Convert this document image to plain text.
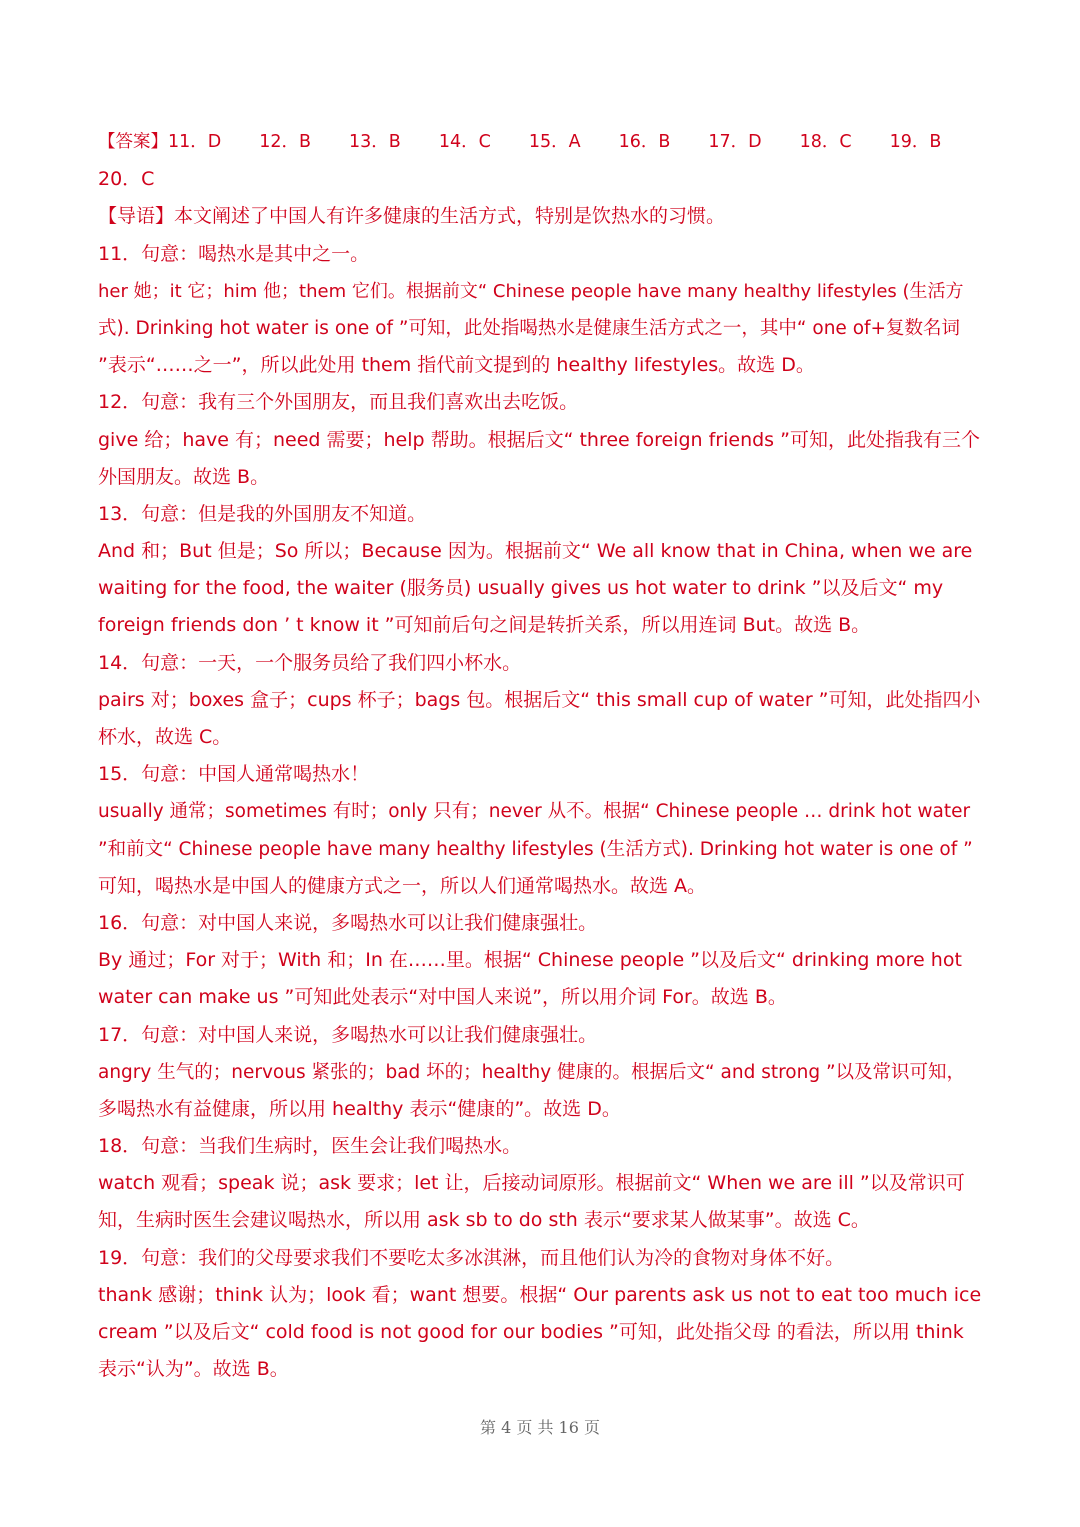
【答案】11．D 12．B 13．B 14．C 15．A 16．B 17．D 18．C 19．B
20．C
【导语】本文阐述了中国人有许多健康的生活方式，特别是饮热水的习惯。
11．句意：喝热水是其中之一。
her 她；it 它；him 他；them 它们。根据前文“ Chinese people have many healthy lifestyles (生活方
式). Drinking hot water is one of ”可知，此处指喝热水是健康生活方式之一，其中“ one of+复数名词
”表示“……之一”，所以此处用 them 指代前文提到的 healthy lifestyles。故选 D。
12．句意：我有三个外国朋友，而且我们喜欢出去吃饭。
give 给；have 有；need 需要；help 帮助。根据后文“ three foreign friends ”可知，此处指我有三个
外国朋友。故选 B。
13．句意：但是我的外国朋友不知道。
And 和；But 但是；So 所以；Because 因为。根据前文“ We all know that in China, when we are
waiting for the food, the waiter (服务员) usually gives us hot water to drink ”以及后文“ my
foreign friends don ’ t know it ”可知前后句之间是转折关系，所以用连词 But。故选 B。
14．句意：一天，一个服务员给了我们四小杯水。
pairs 对；boxes 盒子；cups 杯子；bags 包。根据后文“ this small cup of water ”可知，此处指四小
杯水，故选 C。
15．句意：中国人通常喝热水！
usually 通常；sometimes 有时；only 只有；never 从不。根据“ Chinese people … drink hot water
”和前文“ Chinese people have many healthy lifestyles (生活方式). Drinking hot water is one of ”
可知，喝热水是中国人的健康方式之一，所以人们通常喝热水。故选 A。
16．句意：对中国人来说，多喝热水可以让我们健康强壮。
By 通过；For 对于；With 和；In 在……里。根据“ Chinese people ”以及后文“ drinking more hot
water can make us ”可知此处表示“对中国人来说”，所以用介词 For。故选 B。
17．句意：对中国人来说，多喝热水可以让我们健康强壮。
angry 生气的；nervous 紧张的；bad 坏的；healthy 健康的。根据后文“ and strong ”以及常识可知，
多喝热水有益健康，所以用 healthy 表示“健康的”。故选 D。
18．句意：当我们生病时，医生会让我们喝热水。
watch 观看；speak 说；ask 要求；let 让，后接动词原形。根据前文“ When we are ill ”以及常识可
知，生病时医生会建议喝热水，所以用 ask sb to do sth 表示“要求某人做某事”。故选 C。
19．句意：我们的父母要求我们不要吃太多冰淇淋，而且他们认为冷的食物对身体不好。
thank 感谢；think 认为；look 看；want 想要。根据“ Our parents ask us not to eat too much ice
cream ”以及后文“ cold food is not good for our bodies ”可知，此处指父母 的看法，所以用 think
表示“认为”。故选 B。
第 4 页 共 16 页
